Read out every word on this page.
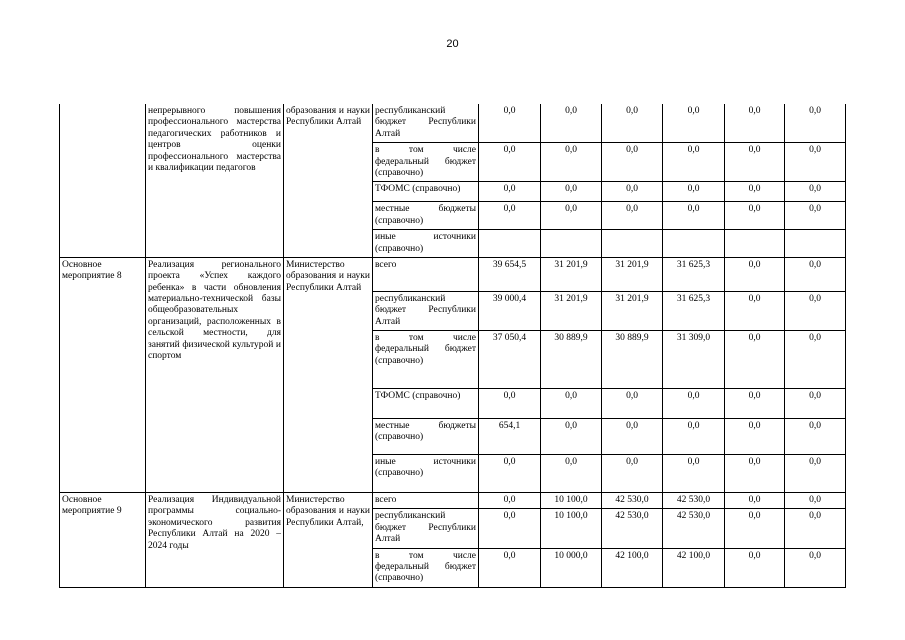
20
	непрерывного повышения профессионального мастерства педагогических работников и центров оценки профессионального мастерства и квалификации педагогов	образования и науки Республики Алтай	республиканский бюджет Республики Алтай	0,0	0,0	0,0	0,0	0,0	0,0
			в том числе федеральный бюджет (справочно)	0,0	0,0	0,0	0,0	0,0	0,0
			ТФОМС (справочно)	0,0	0,0	0,0	0,0	0,0	0,0
			местные бюджеты (справочно)	0,0	0,0	0,0	0,0	0,0	0,0
			иные источники (справочно)						
Основное мероприятие 8	Реализация регионального проекта «Успех каждого ребенка» в части обновления материально-технической базы общеобразовательных организаций, расположенных в сельской местности, для занятий физической культурой и спортом	Министерство образования и науки Республики Алтай	всего	39 654,5	31 201,9	31 201,9	31 625,3	0,0	0,0
			республиканский бюджет Республики Алтай	39 000,4	31 201,9	31 201,9	31 625,3	0,0	0,0
			в том числе федеральный бюджет (справочно)	37 050,4	30 889,9	30 889,9	31 309,0	0,0	0,0
			ТФОМС (справочно)	0,0	0,0	0,0	0,0	0,0	0,0
			местные бюджеты (справочно)	654,1	0,0	0,0	0,0	0,0	0,0
			иные источники (справочно)	0,0	0,0	0,0	0,0	0,0	0,0
Основное мероприятие 9	Реализация Индивидуальной программы социально-экономического развития Республики Алтай на 2020 – 2024 годы	Министерство образования и науки Республики Алтай,	всего	0,0	10 100,0	42 530,0	42 530,0	0,0	0,0
			республиканский бюджет Республики Алтай	0,0	10 100,0	42 530,0	42 530,0	0,0	0,0
			в том числе федеральный бюджет (справочно)	0,0	10 000,0	42 100,0	42 100,0	0,0	0,0
